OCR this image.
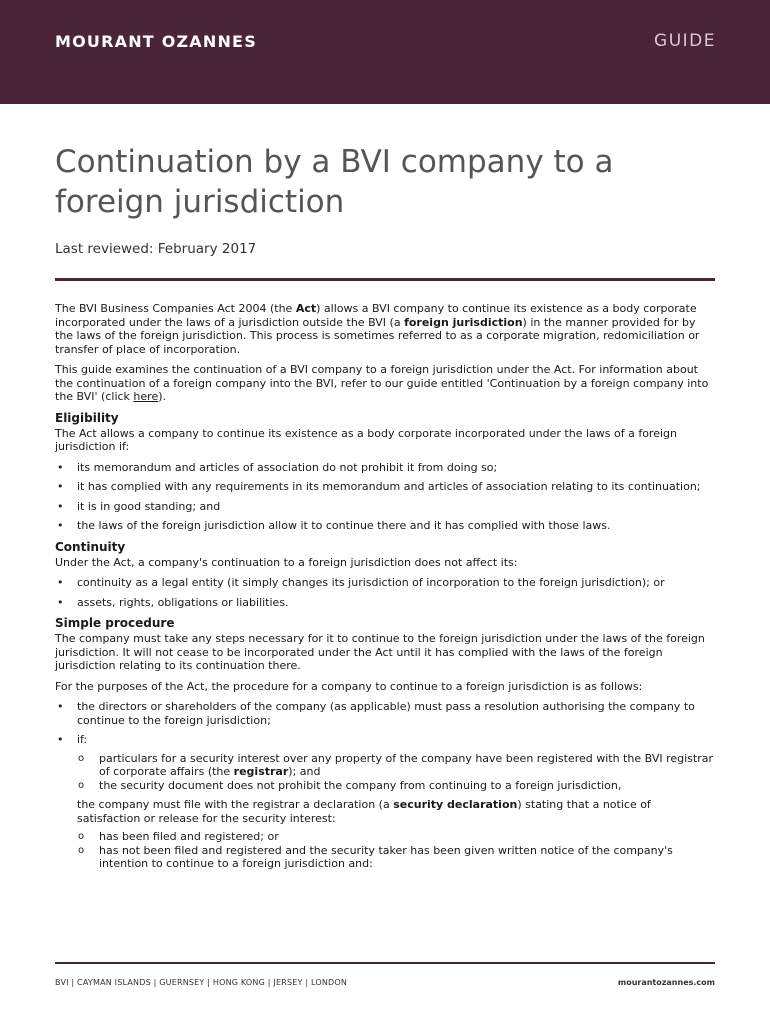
MOURANT OZANNES	GUIDE
Continuation by a BVI company to a foreign jurisdiction

Last reviewed: February 2017

The BVI Business Companies Act 2004 (the Act) allows a BVI company to continue its existence as a body corporate incorporated under the laws of a jurisdiction outside the BVI (a foreign jurisdiction) in the manner provided for by the laws of the foreign jurisdiction. This process is sometimes referred to as a corporate migration, redomiciliation or transfer of place of incorporation.

This guide examines the continuation of a BVI company to a foreign jurisdiction under the Act. For information about the continuation of a foreign company into the BVI, refer to our guide entitled 'Continuation by a foreign company into the BVI' (click here).

Eligibility

The Act allows a company to continue its existence as a body corporate incorporated under the laws of a foreign jurisdiction if:

• its memorandum and articles of association do not prohibit it from doing so;
• it has complied with any requirements in its memorandum and articles of association relating to its continuation;
• it is in good standing; and
• the laws of the foreign jurisdiction allow it to continue there and it has complied with those laws.
Continuity

Under the Act, a company's continuation to a foreign jurisdiction does not affect its:

• continuity as a legal entity (it simply changes its jurisdiction of incorporation to the foreign jurisdiction); or
• assets, rights, obligations or liabilities.
Simple procedure

The company must take any steps necessary for it to continue to the foreign jurisdiction under the laws of the foreign jurisdiction. It will not cease to be incorporated under the Act until it has complied with the laws of the foreign jurisdiction relating to its continuation there.

For the purposes of the Act, the procedure for a company to continue to a foreign jurisdiction is as follows:

• the directors or shareholders of the company (as applicable) must pass a resolution authorising the company to continue to the foreign jurisdiction;
• if:
o particulars for a security interest over any property of the company have been registered with the BVI registrar of corporate affairs (the registrar); and
o the security document does not prohibit the company from continuing to a foreign jurisdiction,
the company must file with the registrar a declaration (a security declaration) stating that a notice of satisfaction or release for the security interest:
o has been filed and registered; or
o has not been filed and registered and the security taker has been given written notice of the company's intention to continue to a foreign jurisdiction and:
BVI | CAYMAN ISLANDS | GUERNSEY | HONG KONG | JERSEY | LONDON	mourantozannes.com
